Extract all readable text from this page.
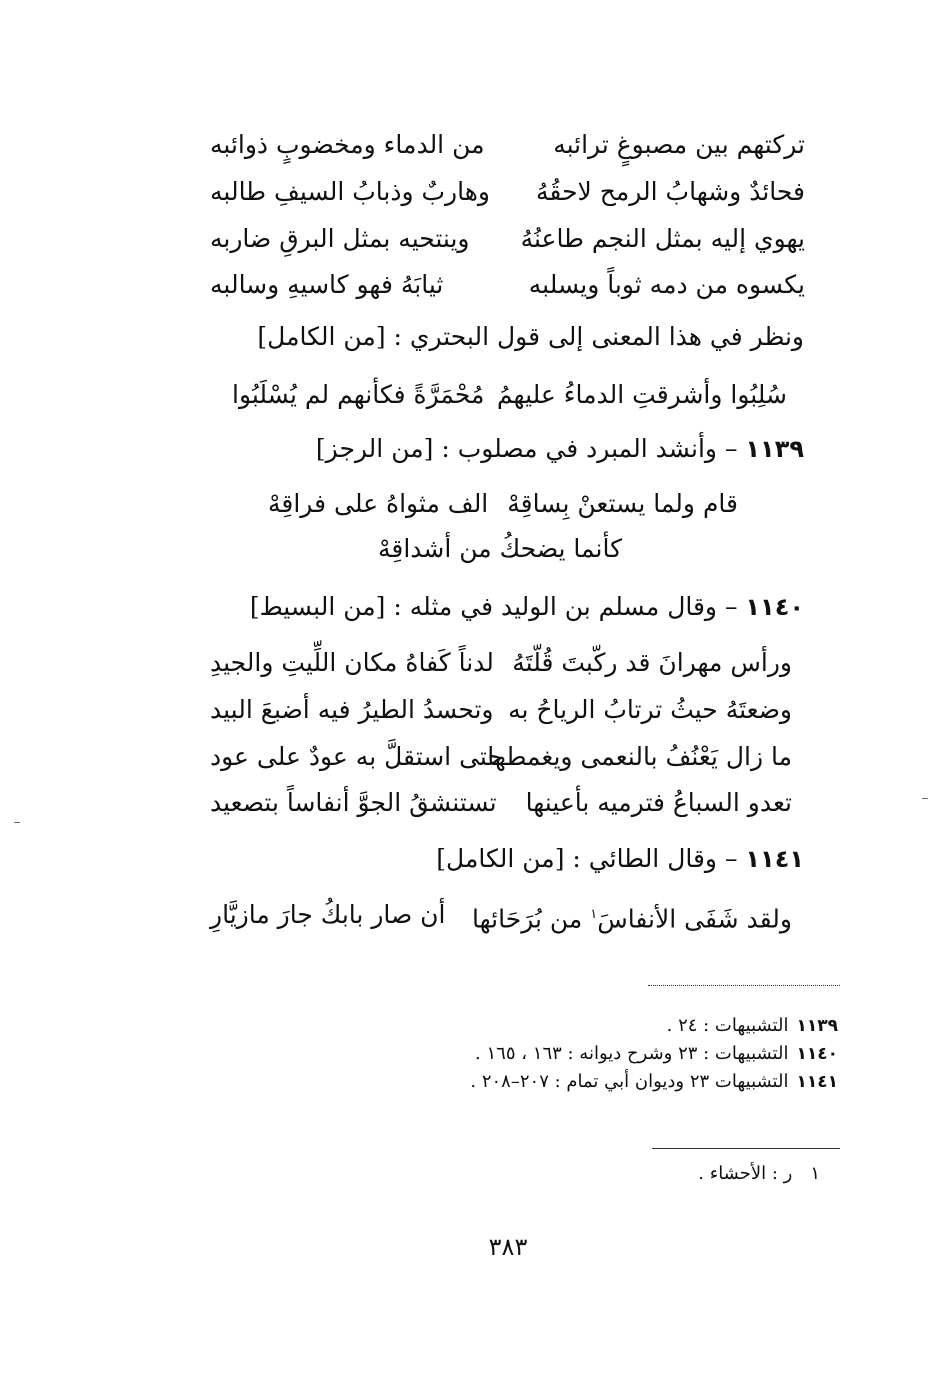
تركتهم بين مصبوغٍ ترائبه
من الدماء ومخضوبٍ ذوائبه
فحائدٌ وشهابُ الرمح لاحقُهُ
وهاربٌ وذبابُ السيفِ طالبه
يهوي إليه بمثل النجم طاعنُهُ
وينتحيه بمثل البرقِ ضاربه
يكسوه من دمه ثوباً ويسلبه
ثيابَهُ فهو كاسيهِ وسالبه
ونظر في هذا المعنى إلى قول البحتري : [من الكامل]
سُلِبُوا وأشرقتِ الدماءُ عليهمُ
مُحْمَرَّةً فكأنهم لم يُسْلَبُوا
١١٣٩ – وأنشد المبرد في مصلوب : [من الرجز]
قام ولما يستعنْ بِساقِهْ
الف مثواهُ على فراقِهْ
كأنما يضحكُ من أشداقِهْ
١١٤٠ – وقال مسلم بن الوليد في مثله : [من البسيط]
ورأس مهرانَ قد ركّبتَ قُلّتَهُ
لدناً كَفاهُ مكان اللِّيتِ والجيدِ
وضعتَهُ حيثُ ترتابُ الرياحُ به
وتحسدُ الطيرُ فيه أضبعَ البيد
ما زال يَعْنُفُ بالنعمى ويغمطها
حتى استقلَّ به عودٌ على عود
تعدو السباعُ فترميه بأعينها
تستنشقُ الجوَّ أنفاساً بتصعيد
١١٤١ – وقال الطائي : [من الكامل]
ولقد شَفَى الأنفاسَ$^١$ من بُرَحَائها
أن صار بابكُ جارَ مازيَّارِ
١١٣٩التشبيهات : ٢٤ .
١١٤٠التشبيهات : ٢٣ وشرح ديوانه : ١٦٣ ، ١٦٥ .
١١٤١التشبيهات ٢٣ وديوان أبي تمام : ٢٠٧–٢٠٨ .
١ر : الأحشاء .
٣٨٣
